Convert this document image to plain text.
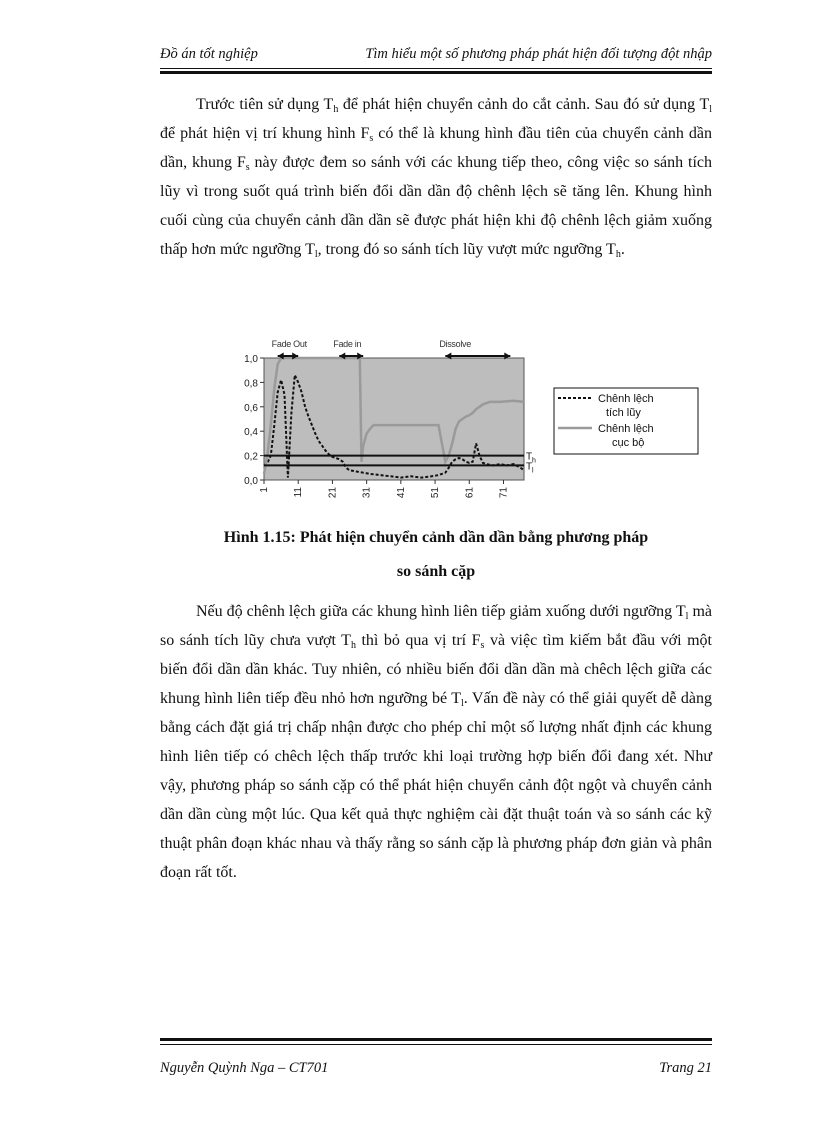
Đồ án tốt nghiệp	Tìm hiểu một số phương pháp phát hiện đối tượng đột nhập

Trước tiên sử dụng $T_h$ để phát hiện chuyển cảnh do cắt cảnh. Sau đó sử dụng $T_l$ để phát hiện vị trí khung hình $F_s$ có thể là khung hình đầu tiên của chuyển cảnh dần dần, khung $F_s$ này được đem so sánh với các khung tiếp theo, công việc so sánh tích lũy vì trong suốt quá trình biến đổi dần dần độ chênh lệch sẽ tăng lên. Khung hình cuối cùng của chuyển cảnh dần dần sẽ được phát hiện khi độ chênh lệch giảm xuống thấp hơn mức ngưỡng $T_l$, trong đó so sánh tích lũy vượt mức ngưỡng $T_h$.

0,0
0,2
0,4
0,6
0,8
1,0
1 11 21 31 41 51 61 71
T h
T l
Fade Out	Fade in	Dissolve
Chênh lệch
tích lũy
Chênh lệch
cục bộ
Hình 1.15: Phát hiện chuyển cảnh dần dần bằng phương pháp
so sánh cặp

Nếu độ chênh lệch giữa các khung hình liên tiếp giảm xuống dưới ngưỡng $T_l$ mà so sánh tích lũy chưa vượt $T_h$ thì bỏ qua vị trí $F_s$ và việc tìm kiếm bắt đầu với một biến đổi dần dần khác. Tuy nhiên, có nhiều biến đổi dần dần mà chêch lệch giữa các khung hình liên tiếp đều nhỏ hơn ngưỡng bé $T_l$. Vấn đề này có thể giải quyết dễ dàng bằng cách đặt giá trị chấp nhận được cho phép chỉ một số lượng nhất định các khung hình liên tiếp có chêch lệch thấp trước khi loại trường hợp biến đổi đang xét. Như vậy, phương pháp so sánh cặp có thể phát hiện chuyển cảnh đột ngột và chuyển cảnh dần dần cùng một lúc. Qua kết quả thực nghiệm cài đặt thuật toán và so sánh các kỹ thuật phân đoạn khác nhau và thấy rằng so sánh cặp là phương pháp đơn giản và phân đoạn rất tốt.

Nguyễn Quỳnh Nga – CT701	Trang 21
